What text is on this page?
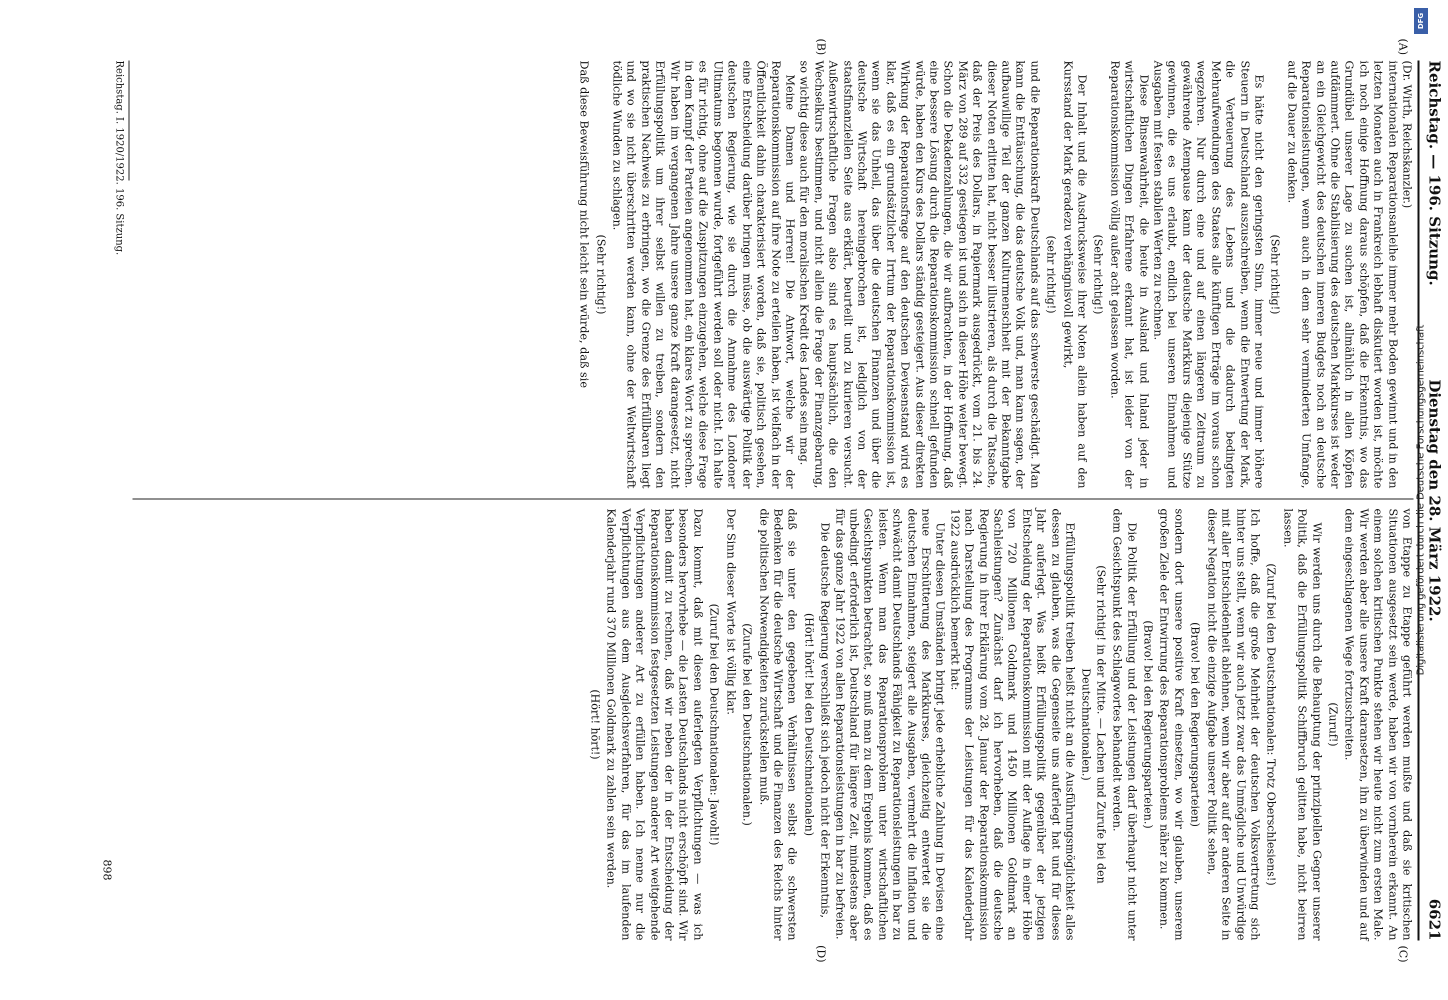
Reichstag. — 196. Sitzung.
Dienstag den 28. März 1922.
6621
(A)
(B)
(C)
(D)

(Dr. Wirth, Reichskanzler.)

internationalen Reparationsanleihe immer mehr Boden gewinnt und in den letzten Monaten auch in Frankreich lebhaft diskutiert worden ist, möchte ich noch einige Hoffnung daraus schöpfen, daß die Erkenntnis, wo das Grundübel unserer Lage zu suchen ist, allmählich in allen Köpfen aufdämmert. Ohne die Stabilisierung des deutschen Markkurses ist weder an ein Gleichgewicht des deutschen inneren Budgets noch an deutsche Reparationsleistungen, wenn auch in dem sehr verminderten Umfange, auf die Dauer zu denken.

(Sehr richtig!)

Es hätte nicht den geringsten Sinn, immer neue und immer höhere Steuern in Deutschland auszuschreiben, wenn die Entwertung der Mark, die Verteuerung des Lebens und die dadurch bedingten Mehraufwendungen des Staates alle künftigen Erträge im voraus schon wegzehren. Nur durch eine und auf einen längeren Zeitraum zu gewährende Atempause kann der deutsche Markkurs diejenige Stütze gewinnen, die es uns erlaubt, endlich bei unseren Einnahmen und Ausgaben mit festen stabilen Werten zu rechnen.

Diese Binsenwahrheit, die heute in Ausland und Inland jeder in wirtschaftlichen Dingen Erfahrene erkannt hat, ist leider von der Reparationskommission völlig außer acht gelassen worden.

(Sehr richtig!)

Der Inhalt und die Ausdrucksweise ihrer Noten allein haben auf den Kursstand der Mark geradezu verhängnisvoll gewirkt,

(sehr richtig!)

und die Reparationskraft Deutschlands auf das schwerste geschädigt. Man kann die Enttäuschung, die das deutsche Volk und, man kann sagen, der aufbauwillige Teil der ganzen Kulturmenschheit mit der Bekanntgabe dieser Noten erlitten hat, nicht besser illustrieren, als durch die Tatsache, daß der Preis des Dollars, in Papiermark ausgedrückt, vom 21. bis 24. März von 289 auf 332 gestiegen ist und sich in dieser Höhe weiter bewegt. Schon die Dekadenzahlungen, die wir aufbrachten, in der Hoffnung, daß eine bessere Lösung durch die Reparationskommission schnell gefunden würde, haben den Kurs des Dollars ständig gesteigert. Aus dieser direkten Wirkung der Reparationsfrage auf den deutschen Devisenstand wird es klar, daß es ein grundsätzlicher Irrtum der Reparationskommission ist, wenn sie das Unheil, das über die deutschen Finanzen und über die deutsche Wirtschaft hereingebrochen ist, lediglich von der staatsfinanziellen Seite aus erklärt, beurteilt und zu kurieren versucht. Außenwirtschaftliche Fragen also sind es hauptsächlich, die den Wechselkurs bestimmen, und nicht allein die Frage der Finanzgebarung, so wichtig diese auch für den moralischen Kredit des Landes sein mag.

Meine Damen und Herren! Die Antwort, welche wir der Reparationskommission auf ihre Note zu erteilen haben, ist vielfach in der Öffentlichkeit dahin charakterisiert worden, daß sie, politisch gesehen, eine Entscheidung darüber bringen müsse, ob die auswärtige Politik der deutschen Regierung, wie sie durch die Annahme des Londoner Ultimatums begonnen wurde, fortgeführt werden soll oder nicht. Ich halte es für richtig, ohne auf die Zuspitzungen einzugehen, welche diese Frage in dem Kampf der Parteien angenommen hat, ein klares Wort zu sprechen. Wir haben im vergangenen Jahre unsere ganze Kraft darangesetzt, nicht Erfüllungspolitik um ihrer selbst willen zu treiben, sondern den praktischen Nachweis zu erbringen, wo die Grenze des Erfüllbaren liegt und wo sie nicht überschritten werden kann, ohne der Weltwirtschaft tödliche Wunden zu schlagen.

(Sehr richtig!)

Daß diese Beweisführung nicht leicht sein würde, daß sie

von Etappe zu Etappe geführt werden mußte und daß sie kritischen Situationen ausgesetzt sein werde, haben wir von vornherein erkannt. An einem solchen kritischen Punkte stehen wir heute nicht zum ersten Male. Wir werden aber alle unsere Kraft daransetzen, ihn zu überwinden und auf dem eingeschlagenen Wege fortzuschreiten.

(Zuruf!)

Wir werden uns durch die Behauptung der prinzipiellen Gegner unserer Politik, daß die Erfüllungspolitik Schiffbruch gelitten habe, nicht beirren lassen.

(Zuruf bei den Deutschnationalen: Trotz Oberschlesiens!)

Ich hoffe, daß die große Mehrheit der deutschen Volksvertretung sich hinter uns stellt, wenn wir auch jetzt zwar das Unmögliche und Unwürdige mit aller Entschiedenheit ablehnen, wenn wir aber auf der anderen Seite in dieser Negation nicht die einzige Aufgabe unserer Politik sehen,

(Bravo! bei den Regierungsparteien)

sondern dort unsere positive Kraft einsetzen, wo wir glauben, unserem großen Ziele der Entwirrung des Reparationsproblems näher zu kommen.

(Bravo! bei den Regierungsparteien.)

Die Politik der Erfüllung und der Leistungen darf überhaupt nicht unter dem Gesichtspunkt des Schlagwortes behandelt werden.

(Sehr richtig! in der Mitte. — Lachen und Zurufe bei den Deutschnationalen.)

Erfüllungspolitik treiben heißt nicht an die Ausführungsmöglichkeit alles dessen zu glauben, was die Gegenseite uns auferlegt hat und für dieses Jahr auferlegt. Was heißt Erfüllungspolitik gegenüber der jetzigen Entscheidung der Reparationskommission mit der Auflage in einer Höhe von 720 Millionen Goldmark und 1450 Millionen Goldmark an Sachleistungen? Zunächst darf ich hervorheben, daß die deutsche Regierung in ihrer Erklärung vom 28. Januar der Reparationskommission nach Darstellung des Programms der Leistungen für das Kalenderjahr 1922 ausdrücklich bemerkt hat:

Unter diesen Umständen bringt jede erhebliche Zahlung in Devisen eine neue Erschütterung des Markkurses, gleichzeitig entwertet sie die deutschen Einnahmen, steigert alle Ausgaben, vermehrt die Inflation und schwächt damit Deutschlands Fähigkeit zu Reparationsleistungen in bar zu leisten. Wenn man das Reparationsproblem unter wirtschaftlichen Gesichtspunkten betrachtet, so muß man zu dem Ergebnis kommen, daß es unbedingt erforderlich ist, Deutschland für längere Zeit, mindestens aber für das ganze Jahr 1922 von allen Reparationsleistungen in bar zu befreien.

Die deutsche Regierung verschließt sich jedoch nicht der Erkenntnis,

(Hört! hört! bei den Deutschnationalen)

daß sie unter den gegebenen Verhältnissen selbst die schwersten Bedenken für die deutsche Wirtschaft und die Finanzen des Reichs hinter die politischen Notwendigkeiten zurückstellen muß.

(Zurufe bei den Deutschnationalen.)

Der Sinn dieser Worte ist völlig klar.

(Zuruf bei den Deutschnationalen: Jawohl!)

Dazu kommt, daß mit diesen auferlegten Verpflichtungen — was ich besonders hervorhebe — die Lasten Deutschlands nicht erschöpft sind. Wir haben damit zu rechnen, daß wir neben der in der Entscheidung der Reparationskommission festgesetzten Leistungen anderer Art weitgehende Verpflichtungen anderer Art zu erfüllen haben. Ich nenne nur die Verpflichtungen aus dem Ausgleichsverfahren, für das im laufenden Kalenderjahr rund 370 Millionen Goldmark zu zahlen sein werden.

(Hört! hört!)

Reichstag. I. 1920/1922. 196. Sitzung.
898
DFG
Digitalisierung gefördert durch die Deutsche Forschungsgemeinschaft
